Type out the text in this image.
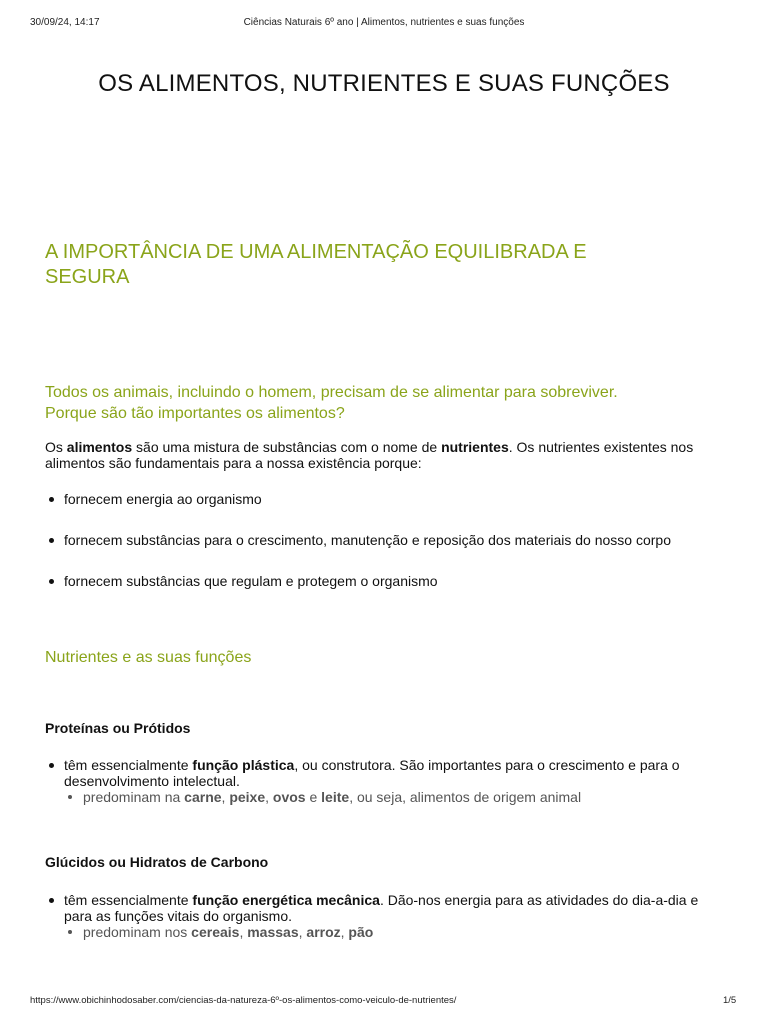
30/09/24, 14:17	Ciências Naturais 6º ano | Alimentos, nutrientes e suas funções
OS ALIMENTOS, NUTRIENTES E SUAS FUNÇÕES
A IMPORTÂNCIA DE UMA ALIMENTAÇÃO EQUILIBRADA E SEGURA
Todos os animais, incluindo o homem, precisam de se alimentar para sobreviver.
Porque são tão importantes os alimentos?
Os alimentos são uma mistura de substâncias com o nome de nutrientes. Os nutrientes existentes nos
alimentos são fundamentais para a nossa existência porque:
fornecem energia ao organismo
fornecem substâncias para o crescimento, manutenção e reposição dos materiais do nosso corpo
fornecem substâncias que regulam e protegem o organismo
Nutrientes e as suas funções
Proteínas ou Prótidos
têm essencialmente função plástica, ou construtora. São importantes para o crescimento e para o
desenvolvimento intelectual.
predominam na carne, peixe, ovos e leite, ou seja, alimentos de origem animal
Glúcidos ou Hidratos de Carbono
têm essencialmente função energética mecânica. Dão-nos energia para as atividades do dia-a-dia e
para as funções vitais do organismo.
predominam nos cereais, massas, arroz, pão
https://www.obichinhodosaber.com/ciencias-da-natureza-6º-os-alimentos-como-veiculo-de-nutrientes/	1/5
